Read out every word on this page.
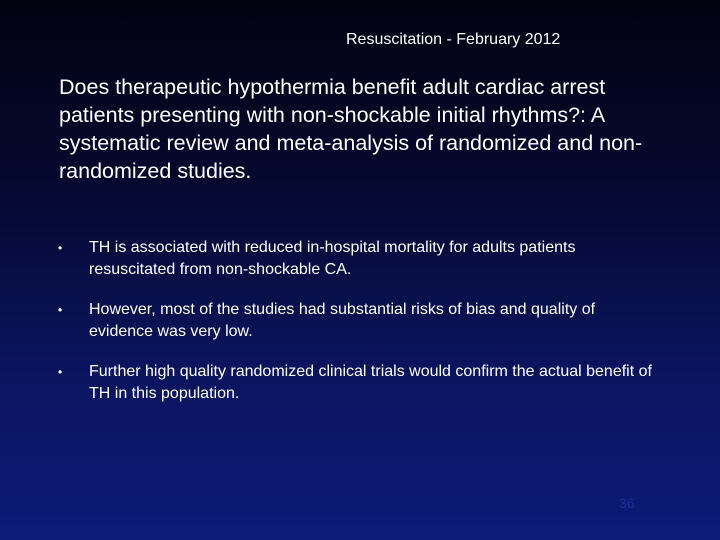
Resuscitation - February 2012
Does therapeutic hypothermia benefit adult cardiac arrest patients presenting with non-shockable initial rhythms?: A systematic review and meta-analysis of randomized and non-randomized studies.
•	TH is associated with reduced in-hospital mortality for adults patients resuscitated from non-shockable CA.
•	However, most of the studies had substantial risks of bias and quality of evidence was very low.
•	Further high quality randomized clinical trials would confirm the actual benefit of TH in this population.
36
